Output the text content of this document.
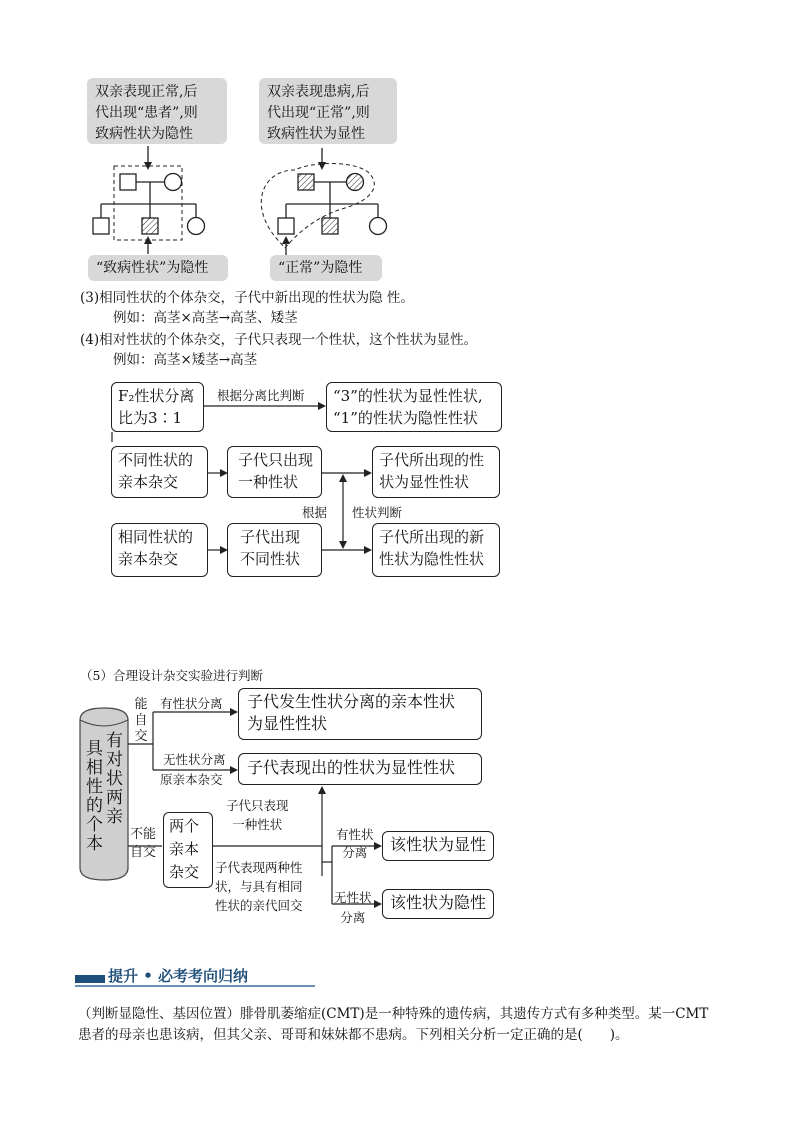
双亲表现正常,后
代出现“患者”,则
致病性状为隐性
双亲表现患病,后
代出现“正常”,则
致病性状为显性
“致病性状”为隐性	“正常”为隐性
(3)相同性状的个体杂交，子代中新出现的性状为隐 性。
例如：高茎×高茎→高茎、矮茎
(4)相对性状的个体杂交，子代只表现一个性状，这个性状为显性。
例如：高茎×矮茎→高茎
F₂性状分离
比为3∶1
根据分离比判断 “3”的性状为显性性状,
“1”的性状为隐性性状
不同性状的
亲本杂交
子代只出现
一种性状
子代所出现的性
状为显性性状
根据 性状判断
相同性状的
亲本杂交
子代出现
不同性状
子代所出现的新
性状为隐性性状
（5）合理设计杂交实验进行判断
具
相
性
的
个
本
有
对
状
两
亲
能
自
交
有性状分离 子代发生性状分离的亲本性状
为显性性状
无性状分离
原亲本杂交
子代表现出的性状为显性性状
不能
自交
两个
亲本
杂交
子代只表现
一种性状
子代表现两种性
状，与具有相同
性状的亲代回交
有性状
分离	该性状为显性
无性状
分离
该性状为隐性
提升 • 必考考向归纳
（判断显隐性、基因位置）腓骨肌萎缩症(CMT)是一种特殊的遗传病，其遗传方式有多种类型。某一CMT
患者的母亲也患该病，但其父亲、哥哥和妹妹都不患病。下列相关分析一定正确的是(　　)。
